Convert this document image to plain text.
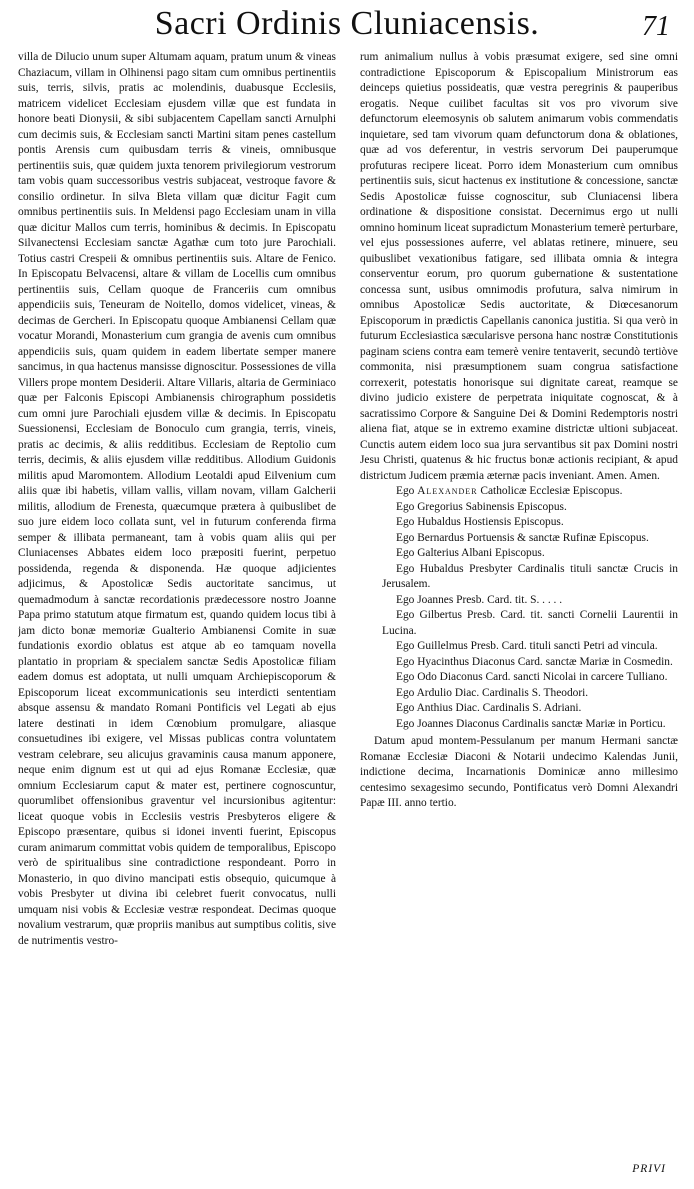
Sacri Ordinis Cluniacensis.	71

villa de Dilucio unum super Altumam aquam, pratum unum & vineas Chaziacum, villam in Olhinensi pago sitam cum omnibus pertinentiis suis, terris, silvis, pratis ac molendinis, duabusque Ecclesiis, matricem videlicet Ecclesiam ejusdem villæ que est fundata in honore beati Dionysii, & sibi subjacentem Capellam sancti Arnulphi cum decimis suis, & Ecclesiam sancti Martini sitam penes castellum pontis Arensis cum quibusdam terris & vineis, omnibusque pertinentiis suis, quæ quidem juxta tenorem privilegiorum vestrorum tam vobis quam successoribus vestris subjaceat, vestroque favore & consilio ordinetur. In silva Bleta villam quæ dicitur Fagit cum omnibus pertinentiis suis. In Meldensi pago Ecclesiam unam in villa quæ dicitur Mallos cum terris, hominibus & decimis. In Episcopatu Silvanectensi Ecclesiam sanctæ Agathæ cum toto jure Parochiali. Totius castri Crespeii & omnibus pertinentiis suis. Altare de Fenico. In Episcopatu Belvacensi, altare & villam de Locellis cum omnibus pertinentiis suis, Cellam quoque de Franceriis cum omnibus appendiciis suis, Teneuram de Noitello, domos videlicet, vineas, & decimas de Gercheri. In Episcopatu quoque Ambianensi Cellam quæ vocatur Morandi, Monasterium cum grangia de avenis cum omnibus appendiciis suis, quam quidem in eadem libertate semper manere sancimus, in qua hactenus mansisse dignoscitur. Possessiones de villa Villers prope montem Desiderii. Altare Villaris, altaria de Germiniaco quæ per Falconis Episcopi Ambianensis chirographum possidetis cum omni jure Parochiali ejusdem villæ & decimis. In Episcopatu Suessionensi, Ecclesiam de Bonoculo cum grangia, terris, vineis, pratis ac decimis, & aliis redditibus. Ecclesiam de Reptolio cum terris, decimis, & aliis ejusdem villæ redditibus. Allodium Guidonis militis apud Maromontem. Allodium Leotaldi apud Eilvenium cum aliis quæ ibi habetis, villam vallis, villam novam, villam Galcherii militis, allodium de Frenesta, quæcumque prætera à quibuslibet de suo jure eidem loco collata sunt, vel in futurum conferenda firma semper & illibata permaneant, tam à vobis quam aliis qui per Cluniacenses Abbates eidem loco præpositi fuerint, perpetuo possidenda, regenda & disponenda. Hæ quoque adjicientes adjicimus, & Apostolicæ Sedis auctoritate sancimus, ut quemadmodum à sanctæ recordationis prædecessore nostro Joanne Papa primo statutum atque firmatum est, quando quidem locus tibi à jam dicto bonæ memoriæ Gualterio Ambianensi Comite in suæ fundationis exordio oblatus est atque ab eo tamquam novella plantatio in propriam & specialem sanctæ Sedis Apostolicæ filiam eadem domus est adoptata, ut nulli umquam Archiepiscoporum & Episcoporum liceat excommunicationis seu interdicti sententiam absque assensu & mandato Romani Pontificis vel Legati ab ejus latere destinati in idem Cœnobium promulgare, aliasque consuetudines ibi exigere, vel Missas publicas contra voluntatem vestram celebrare, seu alicujus gravaminis causa manum apponere, neque enim dignum est ut qui ad ejus Romanæ Ecclesiæ, quæ omnium Ecclesiarum caput & mater est, pertinere cognoscuntur, quorumlibet offensionibus graventur vel incursionibus agitentur: liceat quoque vobis in Ecclesiis vestris Presbyteros eligere & Episcopo præsentare, quibus si idonei inventi fuerint, Episcopus curam animarum committat vobis quidem de temporalibus, Episcopo verò de spiritualibus sine contradictione respondeant. Porro in Monasterio, in quo divino mancipati estis obsequio, quicumque à vobis Presbyter ut divina ibi celebret fuerit convocatus, nulli umquam nisi vobis & Ecclesiæ vestræ respondeat. Decimas quoque novalium vestrarum, quæ propriis manibus aut sumptibus colitis, sive de nutrimentis vestro-

rum animalium nullus à vobis præsumat exigere, sed sine omni contradictione Episcoporum & Episcopalium Ministrorum eas deinceps quietius possideatis, quæ vestra peregrinis & pauperibus erogatis. Neque cuilibet facultas sit vos pro vivorum sive defunctorum eleemosynis ob salutem animarum vobis commendatis inquietare, sed tam vivorum quam defunctorum dona & oblationes, quæ ad vos deferentur, in vestris servorum Dei pauperumque profuturas recipere liceat. Porro idem Monasterium cum omnibus pertinentiis suis, sicut hactenus ex institutione & concessione, sanctæ Sedis Apostolicæ fuisse cognoscitur, sub Cluniacensi libera ordinatione & dispositione consistat. Decernimus ergo ut nulli omnino hominum liceat supradictum Monasterium temerè perturbare, vel ejus possessiones auferre, vel ablatas retinere, minuere, seu quibuslibet vexationibus fatigare, sed illibata omnia & integra conserventur eorum, pro quorum gubernatione & sustentatione concessa sunt, usibus omnimodis profutura, salva nimirum in omnibus Apostolicæ Sedis auctoritate, & Diœcesanorum Episcoporum in prædictis Capellanis canonica justitia. Si qua verò in futurum Ecclesiastica sæcularisve persona hanc nostræ Constitutionis paginam sciens contra eam temerè venire tentaverit, secundò tertiòve commonita, nisi præsumptionem suam congrua satisfactione correxerit, potestatis honorisque sui dignitate careat, reamque se divino judicio existere de perpetrata iniquitate cognoscat, & à sacratissimo Corpore & Sanguine Dei & Domini Redemptoris nostri aliena fiat, atque se in extremo examine districtæ ultioni subjaceat. Cunctis autem eidem loco sua jura servantibus sit pax Domini nostri Jesu Christi, quatenus & hic fructus bonæ actionis recipiant, & apud districtum Judicem præmia æternæ pacis inveniant. Amen. Amen.

Ego Alexander Catholicæ Ecclesiæ Episcopus.

Ego Gregorius Sabinensis Episcopus.

Ego Hubaldus Hostiensis Episcopus.

Ego Bernardus Portuensis & sanctæ Rufinæ Episcopus.

Ego Galterius Albani Episcopus.

Ego Hubaldus Presbyter Cardinalis tituli sanctæ Crucis in Jerusalem.

Ego Joannes Presb. Card. tit. S. . . . .

Ego Gilbertus Presb. Card. tit. sancti Cornelii Laurentii in Lucina.

Ego Guillelmus Presb. Card. tituli sancti Petri ad vincula.

Ego Hyacinthus Diaconus Card. sanctæ Mariæ in Cosmedin.

Ego Odo Diaconus Card. sancti Nicolai in carcere Tulliano.

Ego Ardulio Diac. Cardinalis S. Theodori.

Ego Anthius Diac. Cardinalis S. Adriani.

Ego Joannes Diaconus Cardinalis sanctæ Mariæ in Porticu.

Datum apud montem-Pessulanum per manum Hermani sanctæ Romanæ Ecclesiæ Diaconi & Notarii undecimo Kalendas Junii, indictione decima, Incarnationis Dominicæ anno millesimo centesimo sexagesimo secundo, Pontificatus verò Domni Alexandri Papæ III. anno tertio.

PRIVI
